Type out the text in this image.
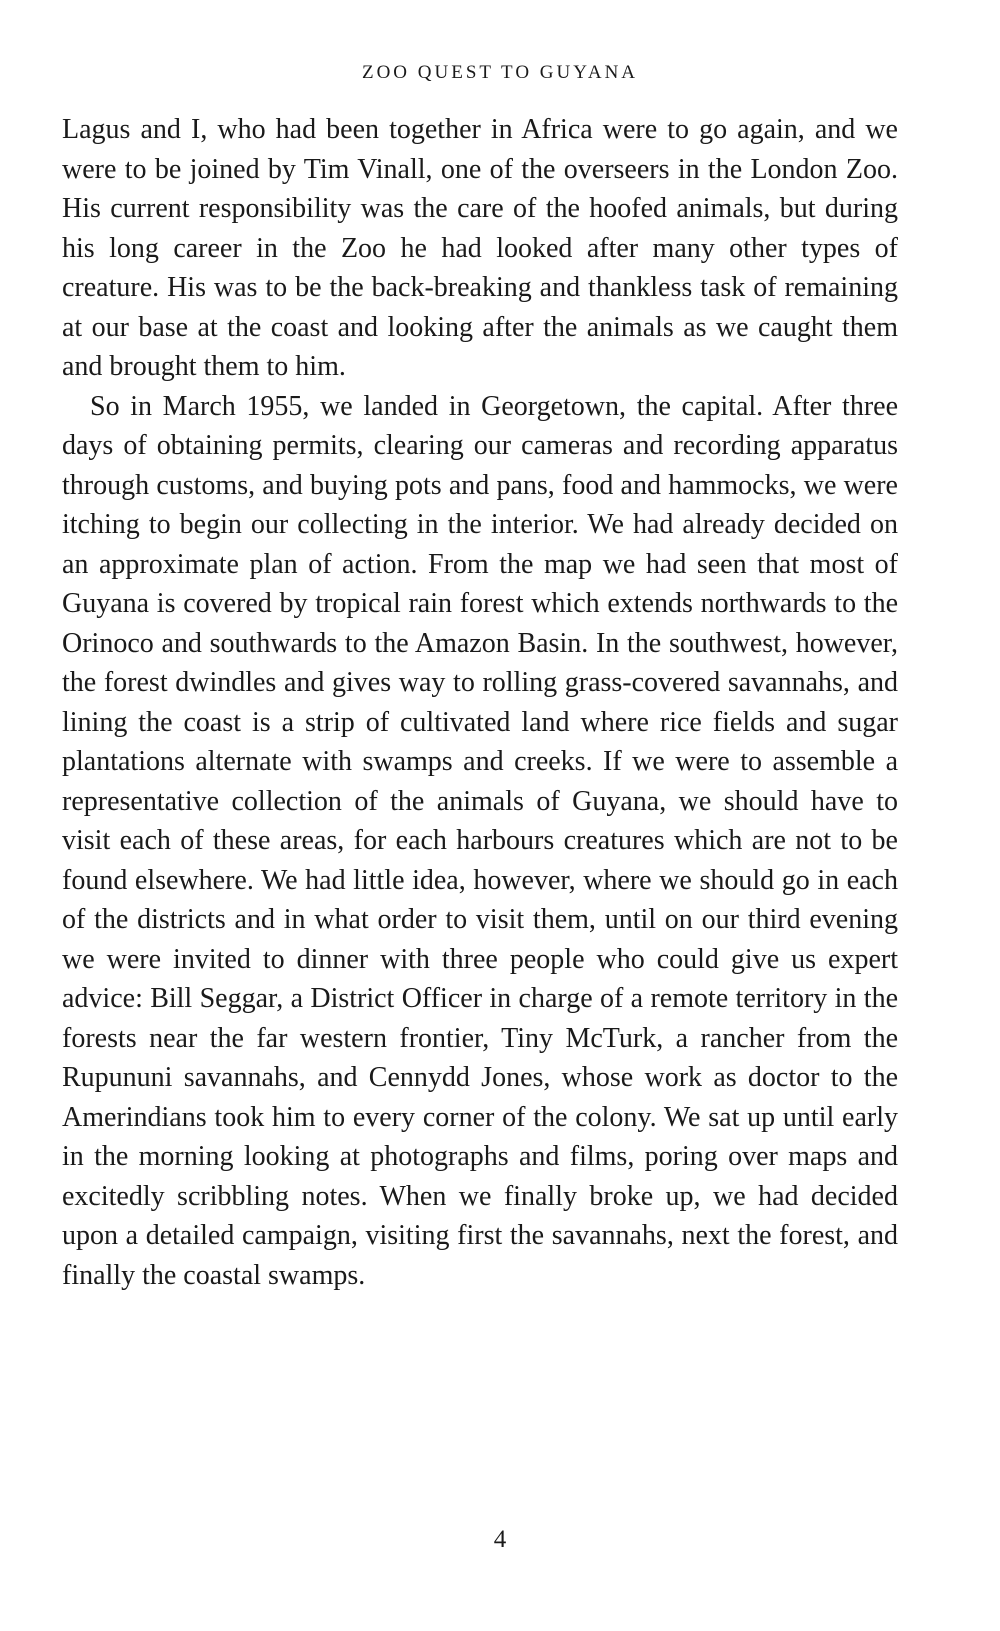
ZOO QUEST TO GUYANA

Lagus and I, who had been together in Africa were to go again, and we were to be joined by Tim Vinall, one of the overseers in the London Zoo. His current responsibility was the care of the hoofed animals, but during his long career in the Zoo he had looked after many other types of creature. His was to be the back-breaking and thankless task of remaining at our base at the coast and looking after the animals as we caught them and brought them to him.

So in March 1955, we landed in Georgetown, the capital. After three days of obtaining permits, clearing our cameras and recording apparatus through customs, and buying pots and pans, food and hammocks, we were itching to begin our collecting in the interior. We had already decided on an approximate plan of action. From the map we had seen that most of Guyana is covered by tropical rain forest which extends northwards to the Orinoco and southwards to the Amazon Basin. In the southwest, however, the forest dwindles and gives way to rolling grass-covered savannahs, and lining the coast is a strip of cultivated land where rice fields and sugar plantations alternate with swamps and creeks. If we were to assemble a representative collection of the animals of Guyana, we should have to visit each of these areas, for each harbours creatures which are not to be found elsewhere. We had little idea, however, where we should go in each of the districts and in what order to visit them, until on our third evening we were invited to dinner with three people who could give us expert advice: Bill Seggar, a District Officer in charge of a remote territory in the forests near the far western frontier, Tiny McTurk, a rancher from the Rupununi savannahs, and Cennydd Jones, whose work as doctor to the Amerindians took him to every corner of the colony. We sat up until early in the morning looking at photographs and films, poring over maps and excitedly scribbling notes. When we finally broke up, we had decided upon a detailed campaign, visiting first the savannahs, next the forest, and finally the coastal swamps.

4
